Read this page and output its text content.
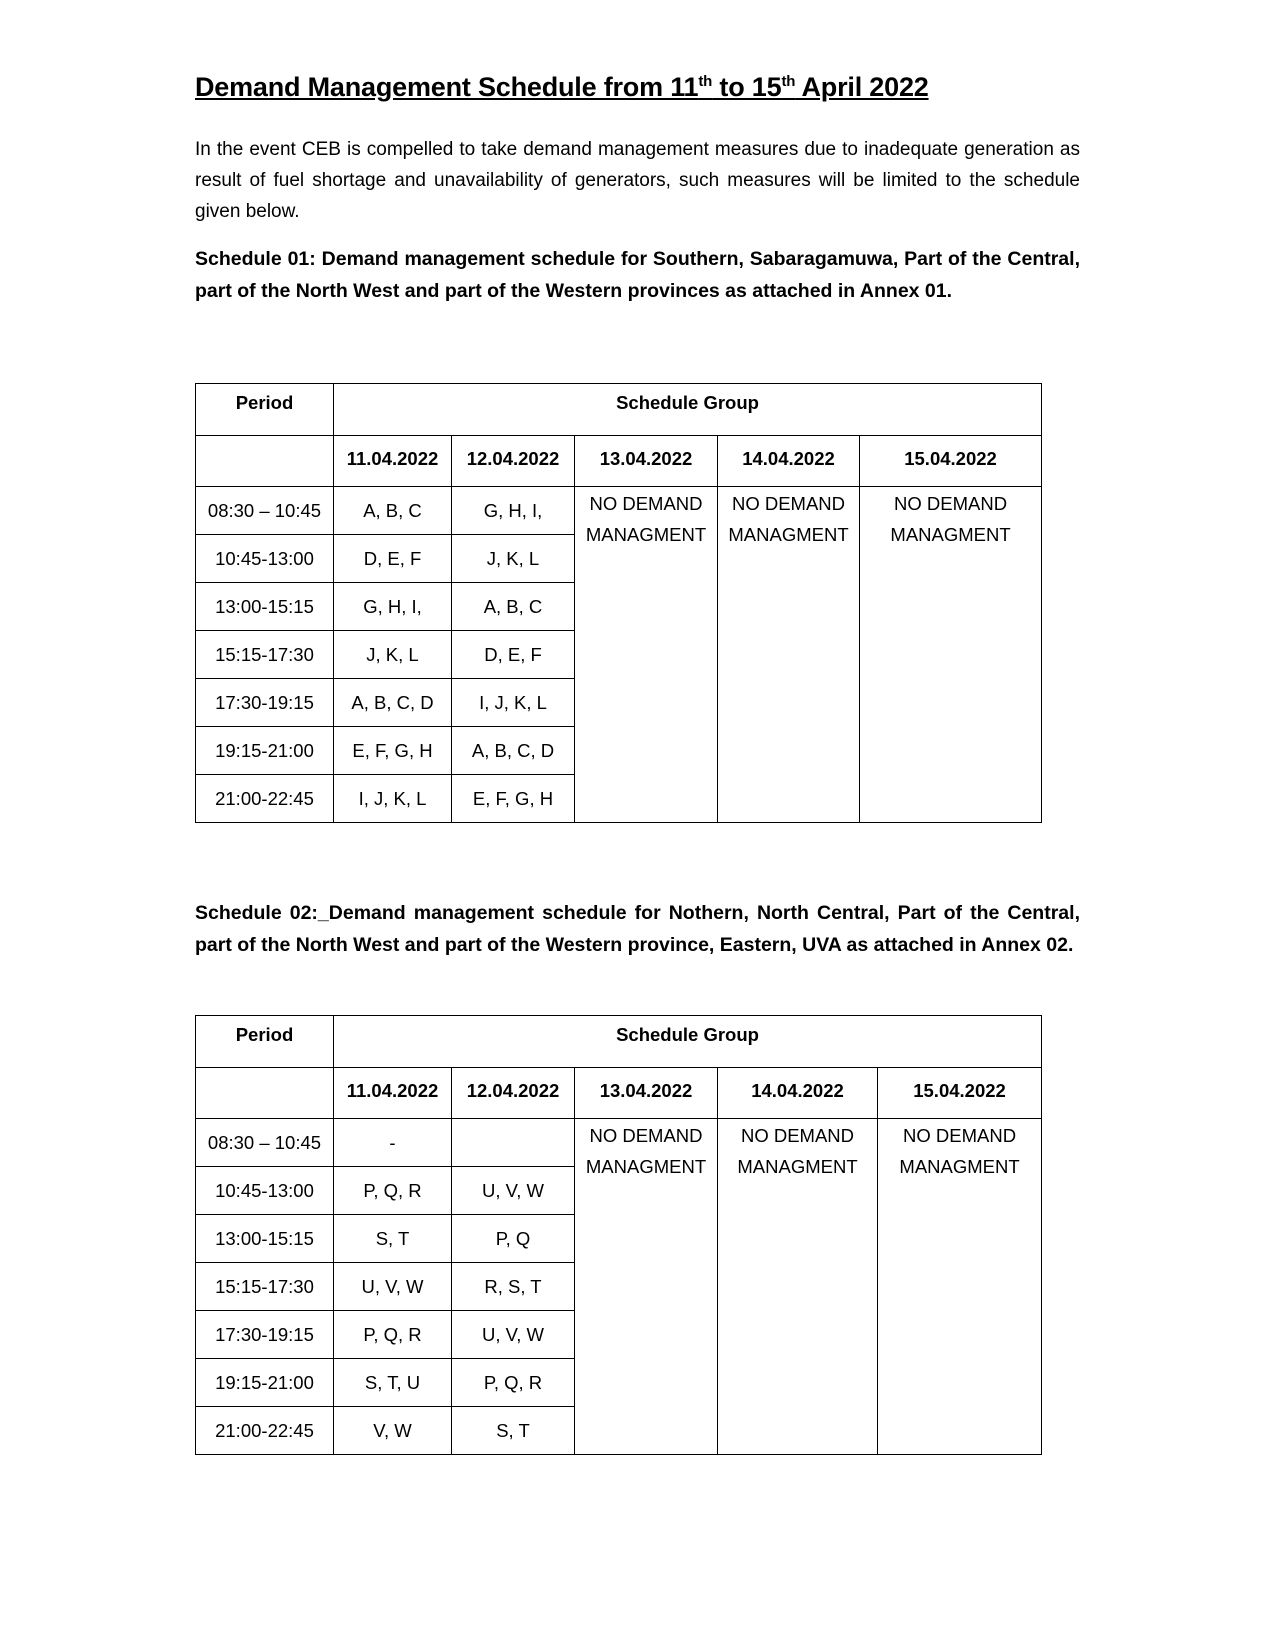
Demand Management Schedule from 11th to 15th April 2022

In the event CEB is compelled to take demand management measures due to inadequate generation as result of fuel shortage and unavailability of generators, such measures will be limited to the schedule given below.

Schedule 01: Demand management schedule for Southern, Sabaragamuwa, Part of the Central, part of the North West and part of the Western provinces as attached in Annex 01.

Period	Schedule Group				
	11.04.2022	12.04.2022	13.04.2022	14.04.2022	15.04.2022
08:30 – 10:45	A, B, C	G, H, I,	NO DEMAND
MANAGMENT	NO DEMAND
MANAGMENT	NO DEMAND
MANAGMENT

10:45-13:00	D, E, F	J, K, L			
13:00-15:15	G, H, I,	A, B, C			
15:15-17:30	J, K, L	D, E, F			
17:30-19:15	A, B, C, D	I, J, K, L			
19:15-21:00	E, F, G, H	A, B, C, D			
21:00-22:45	I, J, K, L	E, F, G, H			

Schedule 02:_Demand management schedule for Nothern, North Central, Part of the Central, part of the North West and part of the Western province, Eastern, UVA as attached in Annex 02.

Period	Schedule Group				
	11.04.2022	12.04.2022	13.04.2022	14.04.2022	15.04.2022
08:30 – 10:45	-		NO DEMAND
MANAGMENT	NO DEMAND
MANAGMENT	NO DEMAND
MANAGMENT

10:45-13:00	P, Q, R	U, V, W			
13:00-15:15	S, T	P, Q			
15:15-17:30	U, V, W	R, S, T			
17:30-19:15	P, Q, R	U, V, W			
19:15-21:00	S, T, U	P, Q, R			
21:00-22:45	V, W	S, T			
